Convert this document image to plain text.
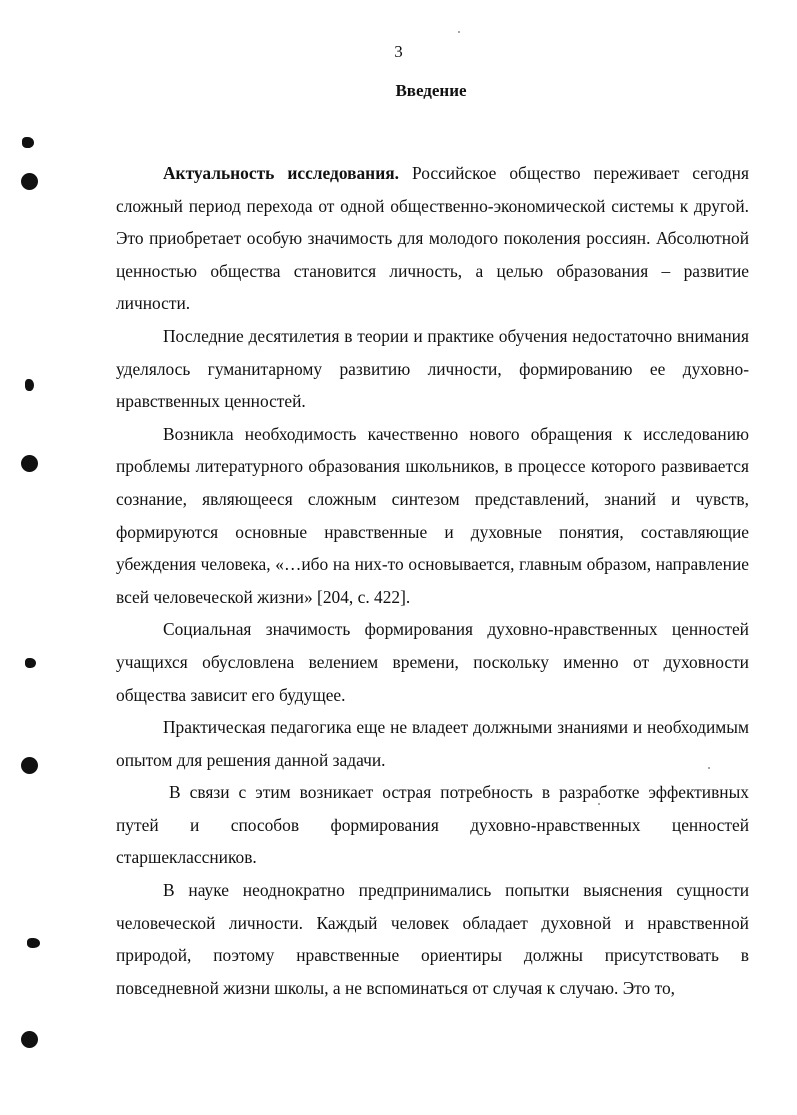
3
Введение

Актуальность исследования. Российское общество переживает сегодня сложный период перехода от одной общественно-экономической системы к другой. Это приобретает особую значимость для молодого поколения россиян. Абсолютной ценностью общества становится личность, а целью образования – развитие личности.

Последние десятилетия в теории и практике обучения недостаточно внимания уделялось гуманитарному развитию личности, формированию ее духовно-нравственных ценностей.

Возникла необходимость качественно нового обращения к исследованию проблемы литературного образования школьников, в процессе которого развивается сознание, являющееся сложным синтезом представлений, знаний и чувств, формируются основные нравственные и духовные понятия, составляющие убеждения человека, «…ибо на них-то основывается, главным образом, направление всей человеческой жизни» [204, с. 422].

Социальная значимость формирования духовно-нравственных ценностей учащихся обусловлена велением времени, поскольку именно от духовности общества зависит его будущее.

Практическая педагогика еще не владеет должными знаниями и необходимым опытом для решения данной задачи.

В связи с этим возникает острая потребность в разработке эффективных путей и способов формирования духовно-нравственных ценностей старшеклассников.

В науке неоднократно предпринимались попытки выяснения сущности человеческой личности. Каждый человек обладает духовной и нравственной природой, поэтому нравственные ориентиры должны присутствовать в повседневной жизни школы, а не вспоминаться от случая к случаю. Это то,
